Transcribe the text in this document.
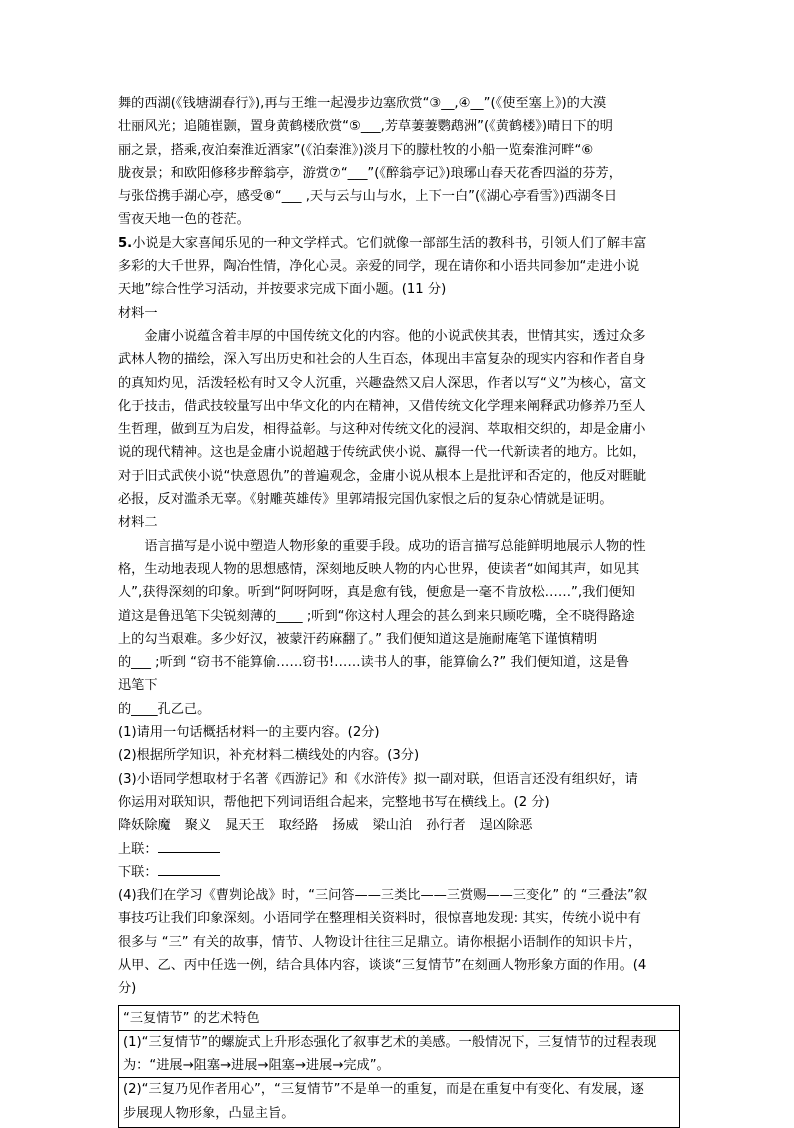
舞的西湖(《钱塘湖春行》),再与王维一起漫步边塞欣赏“③__,④__”(《使至塞上》)的大漠
壮丽风光；追随崔颢，置身黄鹤楼欣赏“⑤___,芳草萋萋鹦鹉洲”(《黄鹤楼》)晴日下的明
丽之景，搭乘,夜泊秦淮近酒家”(《泊秦淮》)淡月下的朦杜牧的小船一览秦淮河畔“⑥
胧夜景；和欧阳修移步醉翁亭，游赏⑦“___”(《醉翁亭记》)琅琊山春天花香四溢的芬芳，
与张岱携手湖心亭，感受⑧“___ ,天与云与山与水，上下一白”(《湖心亭看雪》)西湖冬日
雪夜天地一色的苍茫。
5.小说是大家喜闻乐见的一种文学样式。它们就像一部部生活的教科书，引领人们了解丰富
多彩的大千世界，陶冶性情，净化心灵。亲爱的同学，现在请你和小语共同参加“走进小说
天地”综合性学习活动，并按要求完成下面小题。(11 分)
材料一
金庸小说蕴含着丰厚的中国传统文化的内容。他的小说武侠其表，世情其实，透过众多
武林人物的描绘，深入写出历史和社会的人生百态，体现出丰富复杂的现实内容和作者自身
的真知灼见，活泼轻松有时又令人沉重，兴趣盎然又启人深思，作者以写“义”为核心，富文
化于技击，借武技较量写出中华文化的内在精神，又借传统文化学理来阐释武功修养乃至人
生哲理，做到互为启发，相得益彰。与这种对传统文化的浸润、萃取相交织的，却是金庸小
说的现代精神。这也是金庸小说超越于传统武侠小说、赢得一代一代新读者的地方。比如，
对于旧式武侠小说“快意恩仇”的普遍观念，金庸小说从根本上是批评和否定的，他反对睚眦
必报，反对滥杀无辜。《射雕英雄传》里郭靖报完国仇家恨之后的复杂心情就是证明。
材料二
语言描写是小说中塑造人物形象的重要手段。成功的语言描写总能鲜明地展示人物的性
格，生动地表现人物的思想感情，深刻地反映人物的内心世界，使读者“如闻其声，如见其
人”,获得深刻的印象。听到“阿呀阿呀，真是愈有钱，便愈是一毫不肯放松……”,我们便知
道这是鲁迅笔下尖锐刻薄的____ ;听到“你这村人理会的甚么到来只顾吃嘴，全不晓得路途
上的勾当艰难。多少好汉，被蒙汗药麻翻了。” 我们便知道这是施耐庵笔下谨慎精明
的___ ;听到 “窃书不能算偷……窃书!……读书人的事，能算偷么?” 我们便知道，这是鲁
迅笔下
的____孔乙己。
(1)请用一句话概括材料一的主要内容。(2分)
(2)根据所学知识，补充材料二横线处的内容。(3分)
(3)小语同学想取材于名著《西游记》和《水浒传》拟一副对联，但语言还没有组织好，请
你运用对联知识，帮他把下列词语组合起来，完整地书写在横线上。(2 分)
降妖除魔 聚义 晁天王 取经路 扬威 梁山泊 孙行者 逞凶除恶
上联：
下联：
(4)我们在学习《曹刿论战》时，“三问答——三类比——三赏赐——三变化” 的 “三叠法”叙
事技巧让我们印象深刻。小语同学在整理相关资料时，很惊喜地发现: 其实，传统小说中有
很多与 “三” 有关的故事，情节、人物设计往往三足鼎立。请你根据小语制作的知识卡片，
从甲、乙、丙中任选一例，结合具体内容，谈谈“三复情节”在刻画人物形象方面的作用。(4
分)
“三复情节” 的艺术特色
(1)“三复情节”的螺旋式上升形态强化了叙事艺术的美感。一般情况下，三复情节的过程表现
为：“进展→阻塞→进展→阻塞→进展→完成”。
(2)“三复乃见作者用心”，“三复情节”不是单一的重复，而是在重复中有变化、有发展，逐
步展现人物形象，凸显主旨。
